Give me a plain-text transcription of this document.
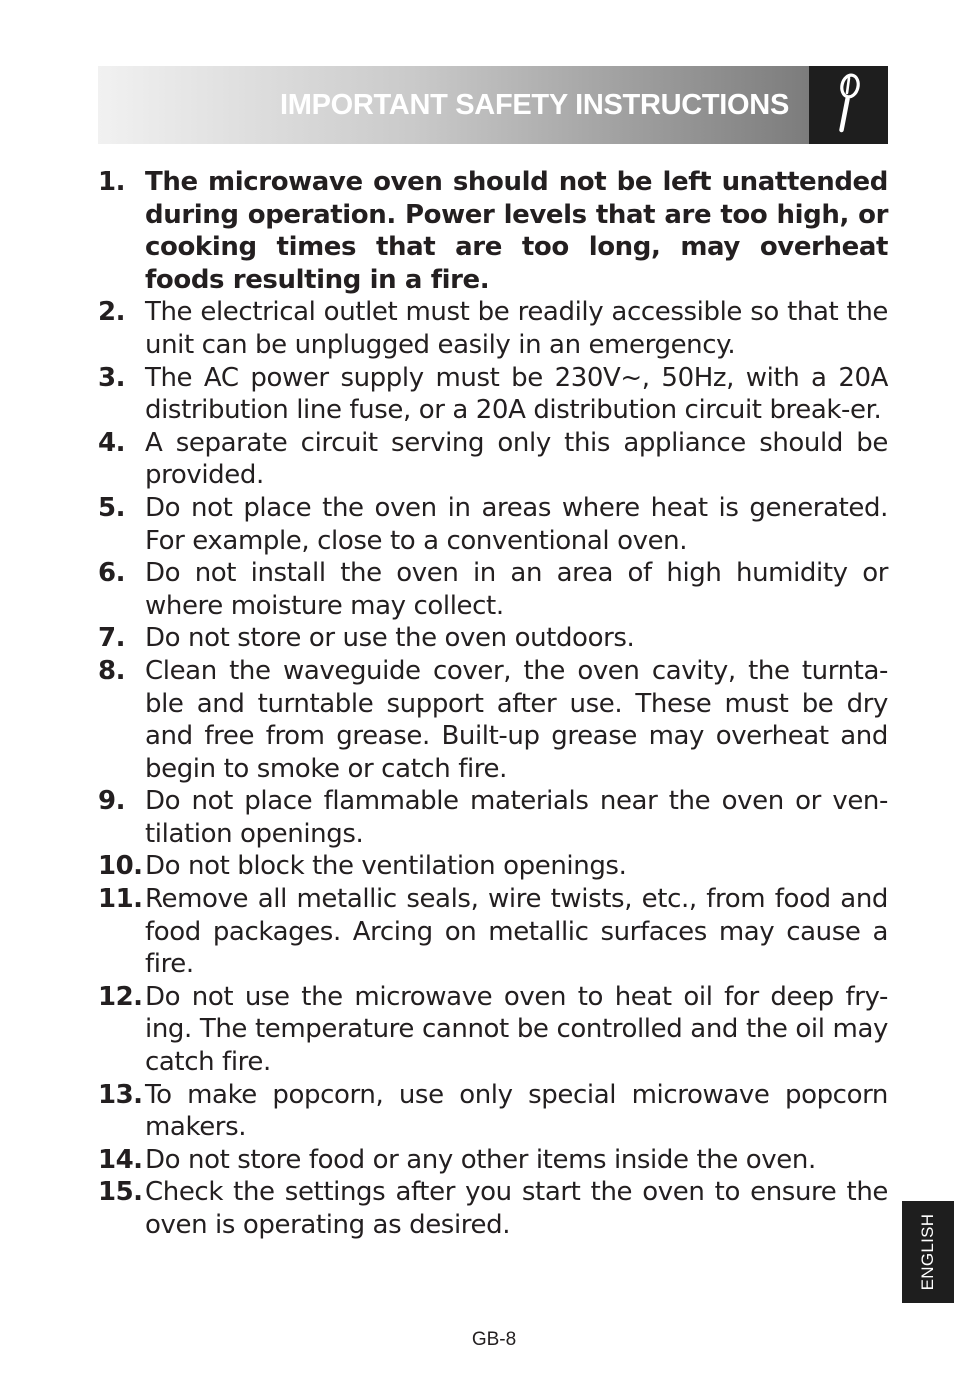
IMPORTANT SAFETY INSTRUCTIONS
1. The microwave oven should not be left unattended during operation. Power levels that are too high, or cooking times that are too long, may overheat foods resulting in a fire.
2. The electrical outlet must be readily accessible so that the unit can be unplugged easily in an emergency.
3. The AC power supply must be 230V~, 50Hz, with a 20A distribution line fuse, or a 20A distribution circuit break-er.
4. A separate circuit serving only this appliance should be provided.
5. Do not place the oven in areas where heat is generated. For example, close to a conventional oven.
6. Do not install the oven in an area of high humidity or where moisture may collect.
7. Do not store or use the oven outdoors.
8. Clean the waveguide cover, the oven cavity, the turnta-ble and turntable support after use. These must be dry and free from grease. Built-up grease may overheat and begin to smoke or catch fire.
9. Do not place flammable materials near the oven or ven-tilation openings.
10. Do not block the ventilation openings.
11. Remove all metallic seals, wire twists, etc., from food and food packages. Arcing on metallic surfaces may cause a fire.
12. Do not use the microwave oven to heat oil for deep fry-ing. The temperature cannot be controlled and the oil may catch fire.
13. To make popcorn, use only special microwave popcorn makers.
14. Do not store food or any other items inside the oven.
15. Check the settings after you start the oven to ensure the oven is operating as desired.	ENGLISH
GB-8
